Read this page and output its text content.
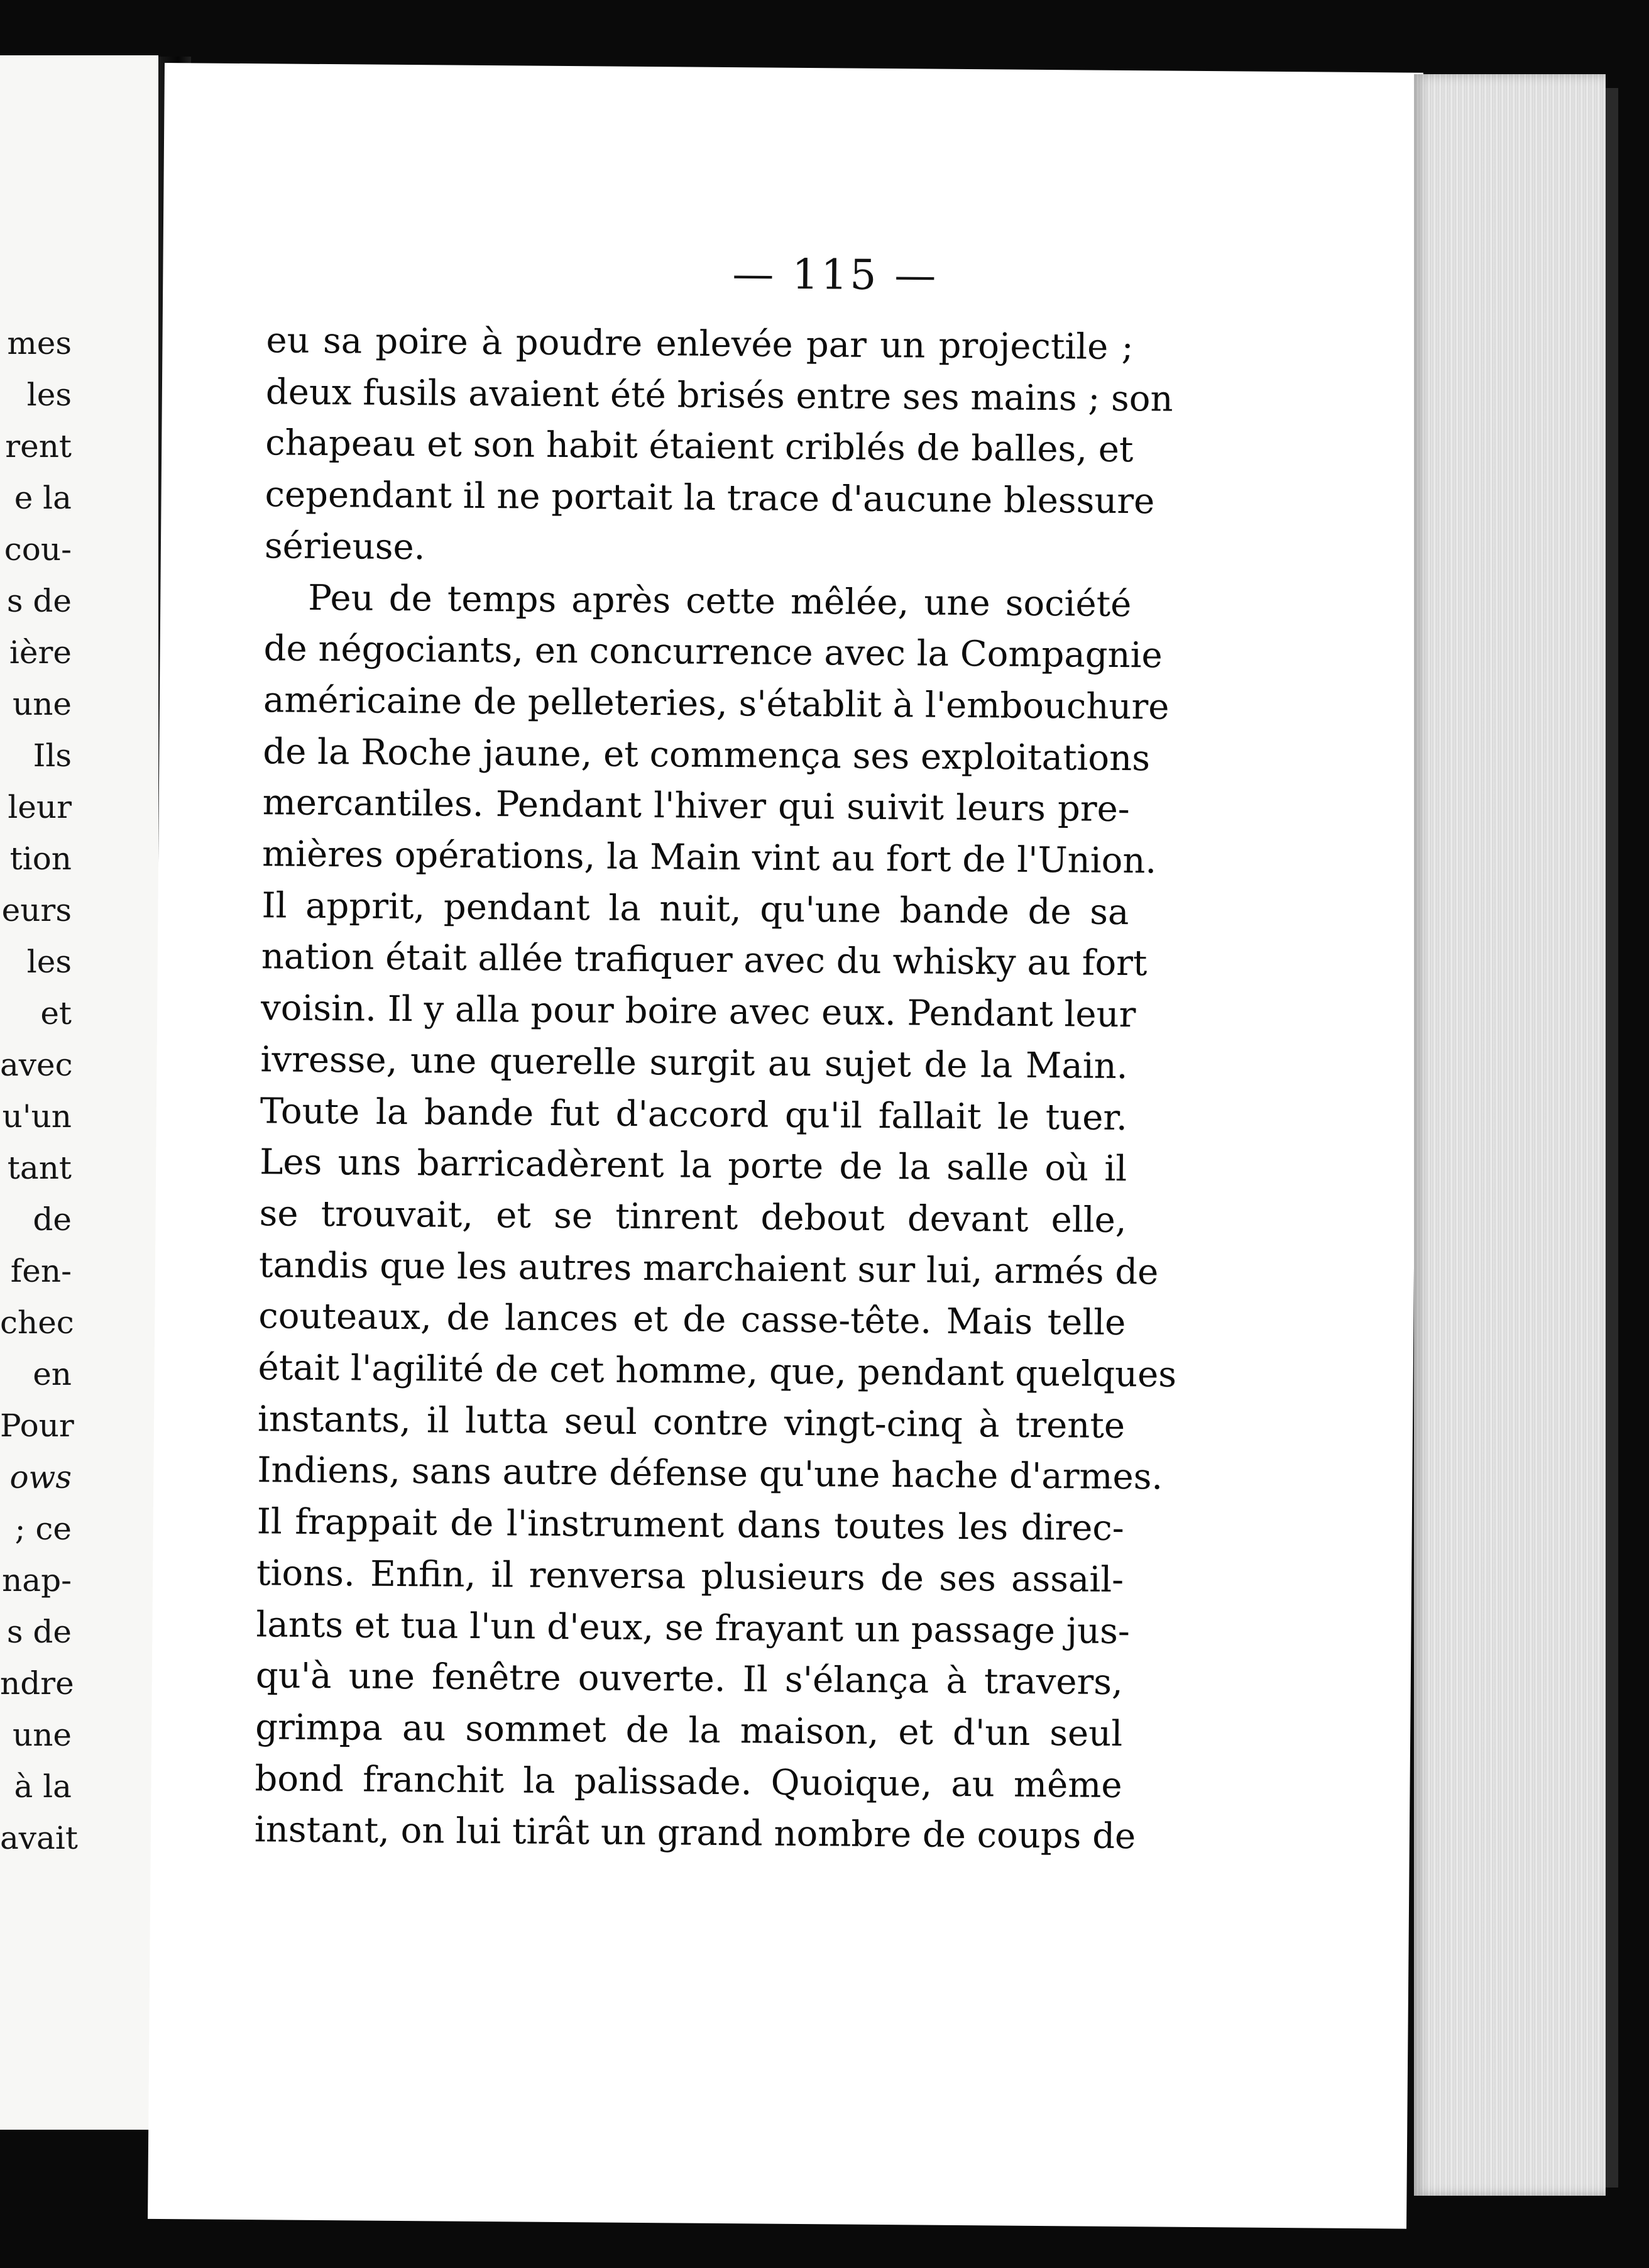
mes
les
rent
e la
cou-
s de
ière
une
Ils
leur
tion
eurs
les
et
avec
u'un
tant
de
fen-
chec
en
Pour
ows
; ce
nap-
s de
ndre
une
à la
avait
— 115 —
eu sa poire à poudre enlevée par un projectile ;
deux fusils avaient été brisés entre ses mains ; son
chapeau et son habit étaient criblés de balles, et
cependant il ne portait la trace d'aucune blessure
sérieuse.
Peu de temps après cette mêlée, une société
de négociants, en concurrence avec la Compagnie
américaine de pelleteries, s'établit à l'embouchure
de la Roche jaune, et commença ses exploitations
mercantiles. Pendant l'hiver qui suivit leurs pre-
mières opérations, la Main vint au fort de l'Union.
Il apprit, pendant la nuit, qu'une bande de sa
nation était allée trafiquer avec du whisky au fort
voisin. Il y alla pour boire avec eux. Pendant leur
ivresse, une querelle surgit au sujet de la Main.
Toute la bande fut d'accord qu'il fallait le tuer.
Les uns barricadèrent la porte de la salle où il
se trouvait, et se tinrent debout devant elle,
tandis que les autres marchaient sur lui, armés de
couteaux, de lances et de casse-tête. Mais telle
était l'agilité de cet homme, que, pendant quelques
instants, il lutta seul contre vingt-cinq à trente
Indiens, sans autre défense qu'une hache d'armes.
Il frappait de l'instrument dans toutes les direc-
tions. Enfin, il renversa plusieurs de ses assail-
lants et tua l'un d'eux, se frayant un passage jus-
qu'à une fenêtre ouverte. Il s'élança à travers,
grimpa au sommet de la maison, et d'un seul
bond franchit la palissade. Quoique, au même
instant, on lui tirât un grand nombre de coups de
